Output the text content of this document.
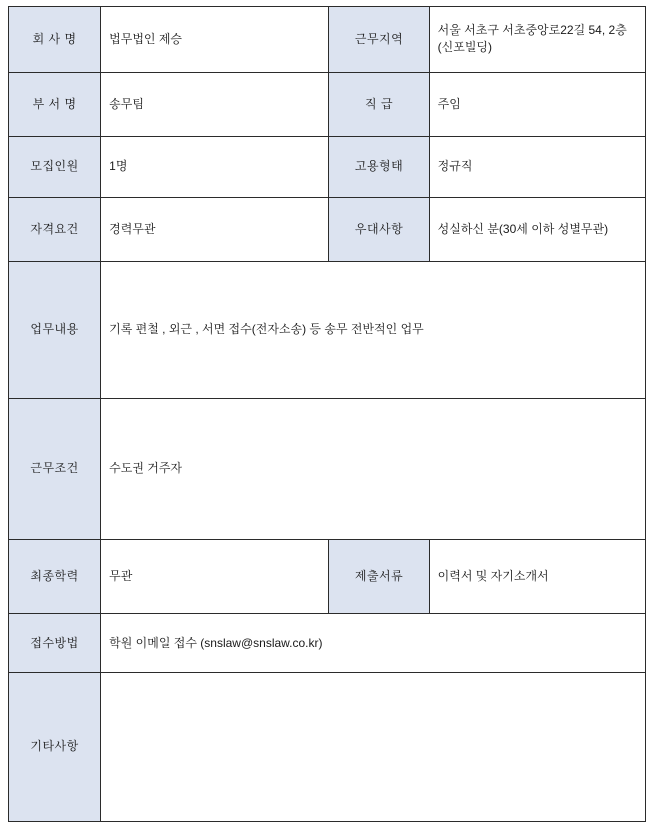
회 사 명	법무법인 제승	근무지역	서울 서초구 서초중앙로22길 54, 2층 (신포빌딩)
부 서 명	송무팀	직 급	주임
모집인원	1명	고용형태	정규직
자격요건	경력무관	우대사항	성실하신 분(30세 이하 성별무관)
업무내용	기록 편철 , 외근 , 서면 접수(전자소송) 등 송무 전반적인 업무		
근무조건	수도권 거주자		
최종학력	무관	제출서류	이력서 및 자기소개서
접수방법	학원 이메일 접수 (snslaw@snslaw.co.kr)		
기타사항			
